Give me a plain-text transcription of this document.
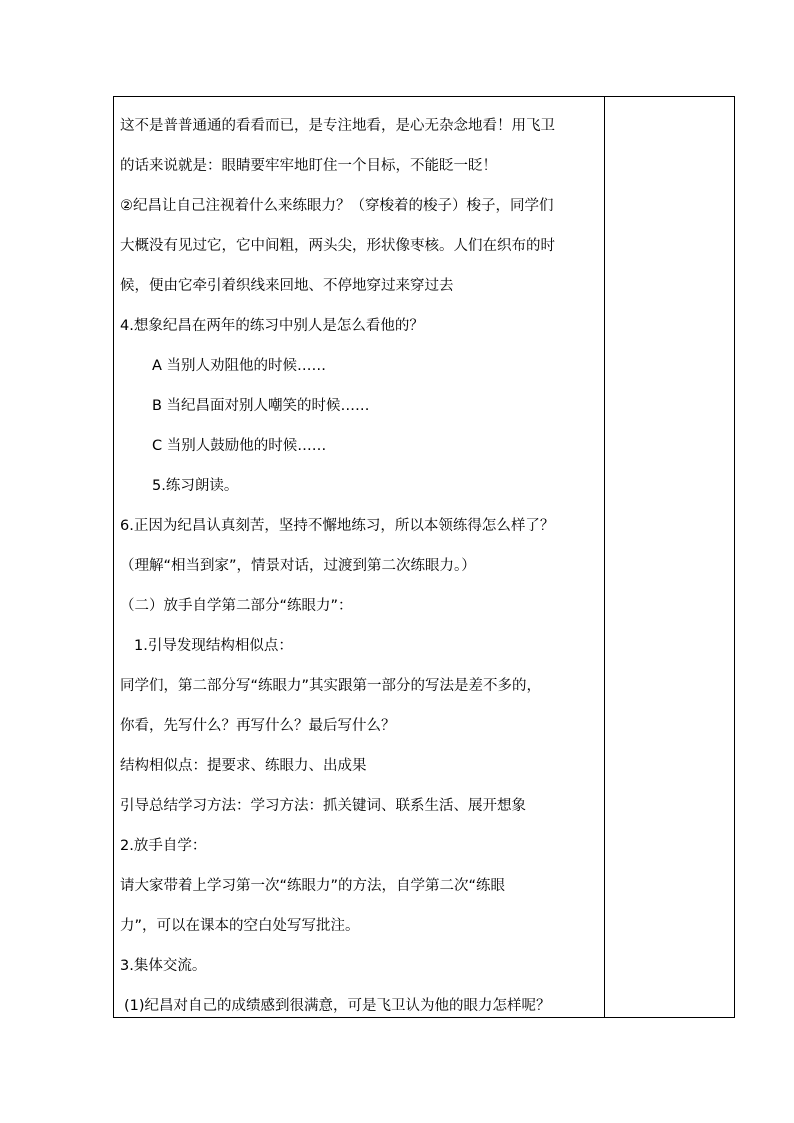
这不是普普通通的看看而已，是专注地看，是心无杂念地看！用飞卫
的话来说就是：眼睛要牢牢地盯住一个目标，不能眨一眨！
②纪昌让自己注视着什么来练眼力？（穿梭着的梭子）梭子，同学们
大概没有见过它，它中间粗，两头尖，形状像枣核。人们在织布的时
候，便由它牵引着织线来回地、不停地穿过来穿过去
4.想象纪昌在两年的练习中别人是怎么看他的？
A 当别人劝阻他的时候……
B 当纪昌面对别人嘲笑的时候……
C 当别人鼓励他的时候……
5.练习朗读。
6.正因为纪昌认真刻苦，坚持不懈地练习，所以本领练得怎么样了？
（理解“相当到家”，情景对话，过渡到第二次练眼力。）
（二）放手自学第二部分“练眼力”：
1.引导发现结构相似点：
同学们，第二部分写“练眼力”其实跟第一部分的写法是差不多的，
你看，先写什么？再写什么？最后写什么？
结构相似点：提要求、练眼力、出成果
引导总结学习方法：学习方法：抓关键词、联系生活、展开想象
2.放手自学：
请大家带着上学习第一次“练眼力”的方法，自学第二次“练眼
力”，可以在课本的空白处写写批注。
3.集体交流。
(1)纪昌对自己的成绩感到很满意，可是飞卫认为他的眼力怎样呢？
